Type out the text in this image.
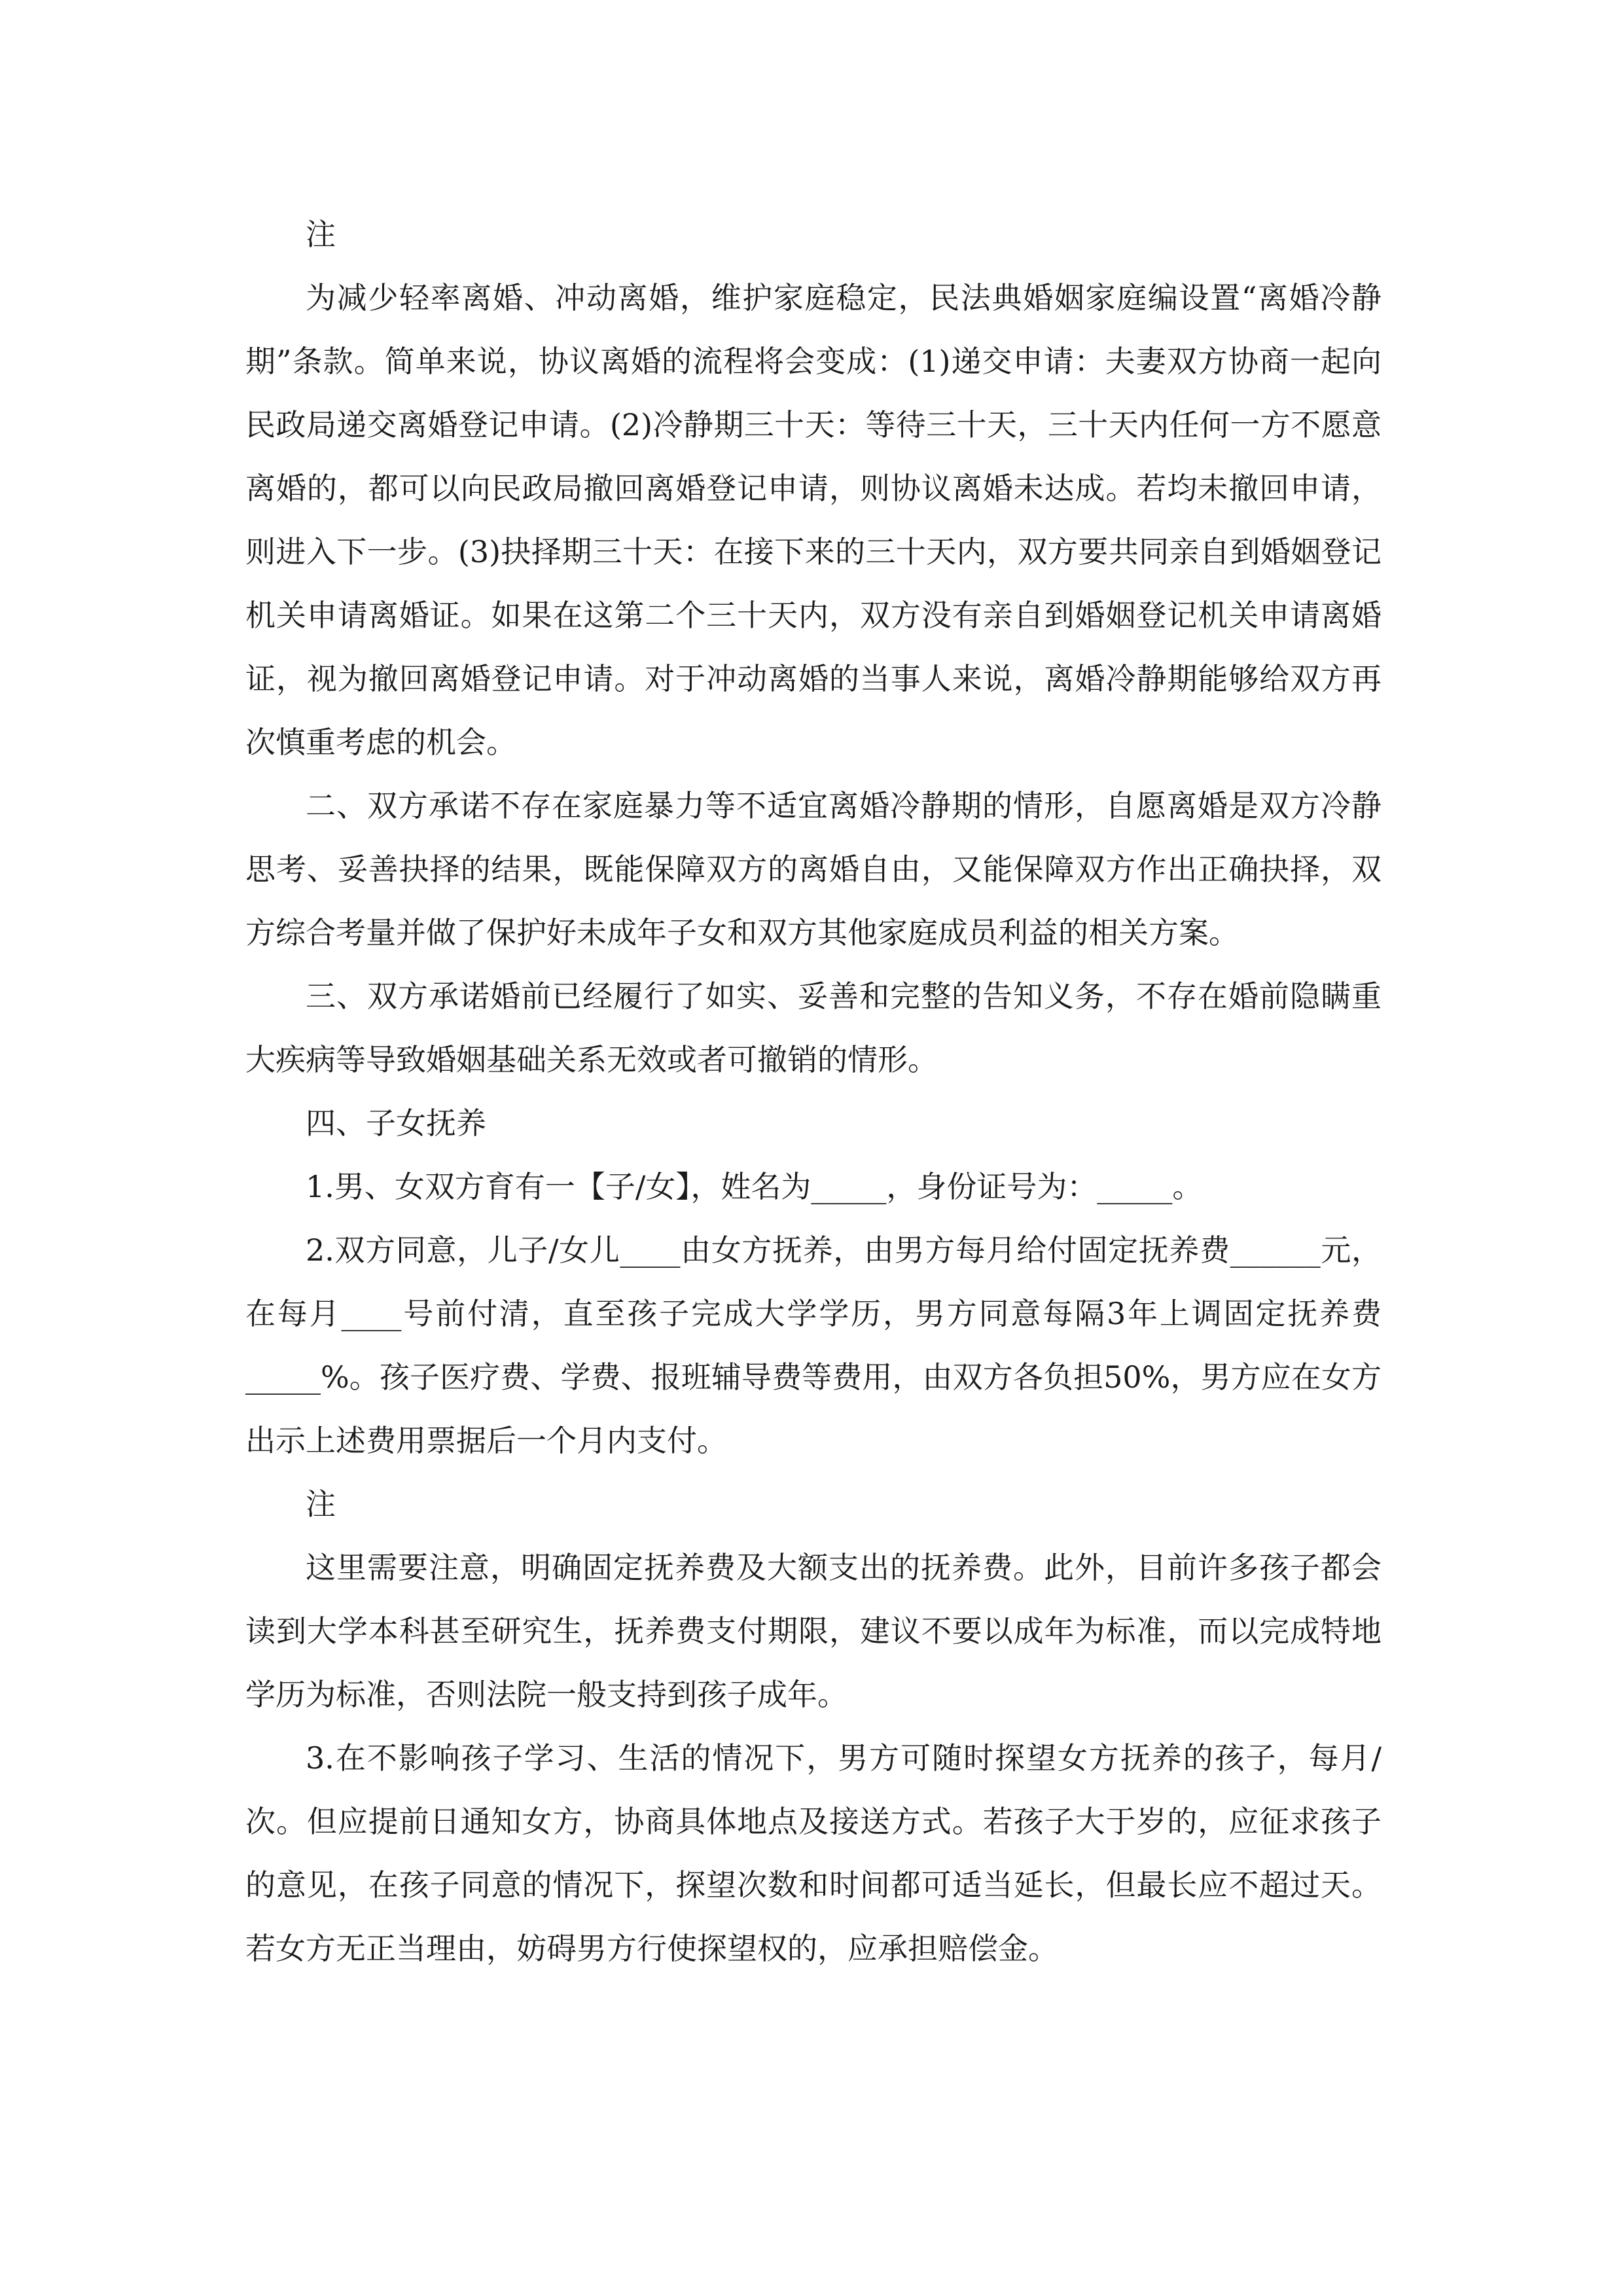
注

为减少轻率离婚、冲动离婚，维护家庭稳定，民法典婚姻家庭编设置“离婚冷静期”条款。简单来说，协议离婚的流程将会变成：(1)递交申请：夫妻双方协商一起向民政局递交离婚登记申请。(2)冷静期三十天：等待三十天，三十天内任何一方不愿意离婚的，都可以向民政局撤回离婚登记申请，则协议离婚未达成。若均未撤回申请，则进入下一步。(3)抉择期三十天：在接下来的三十天内，双方要共同亲自到婚姻登记机关申请离婚证。如果在这第二个三十天内，双方没有亲自到婚姻登记机关申请离婚证，视为撤回离婚登记申请。对于冲动离婚的当事人来说，离婚冷静期能够给双方再次慎重考虑的机会。

二、双方承诺不存在家庭暴力等不适宜离婚冷静期的情形，自愿离婚是双方冷静思考、妥善抉择的结果，既能保障双方的离婚自由，又能保障双方作出正确抉择，双方综合考量并做了保护好未成年子女和双方其他家庭成员利益的相关方案。

三、双方承诺婚前已经履行了如实、妥善和完整的告知义务，不存在婚前隐瞒重大疾病等导致婚姻基础关系无效或者可撤销的情形。

四、子女抚养

1.男、女双方育有一【子/女】，姓名为_____，身份证号为：_____。

2.双方同意，儿子/女儿____由女方抚养，由男方每月给付固定抚养费______元，在每月____号前付清，直至孩子完成大学学历，男方同意每隔3年上调固定抚养费_____%。孩子医疗费、学费、报班辅导费等费用，由双方各负担50%，男方应在女方出示上述费用票据后一个月内支付。

注

这里需要注意，明确固定抚养费及大额支出的抚养费。此外，目前许多孩子都会读到大学本科甚至研究生，抚养费支付期限，建议不要以成年为标准，而以完成特地学历为标准，否则法院一般支持到孩子成年。

3.在不影响孩子学习、生活的情况下，男方可随时探望女方抚养的孩子，每月/次。但应提前日通知女方，协商具体地点及接送方式。若孩子大于岁的，应征求孩子的意见，在孩子同意的情况下，探望次数和时间都可适当延长，但最长应不超过天。若女方无正当理由，妨碍男方行使探望权的，应承担赔偿金。
